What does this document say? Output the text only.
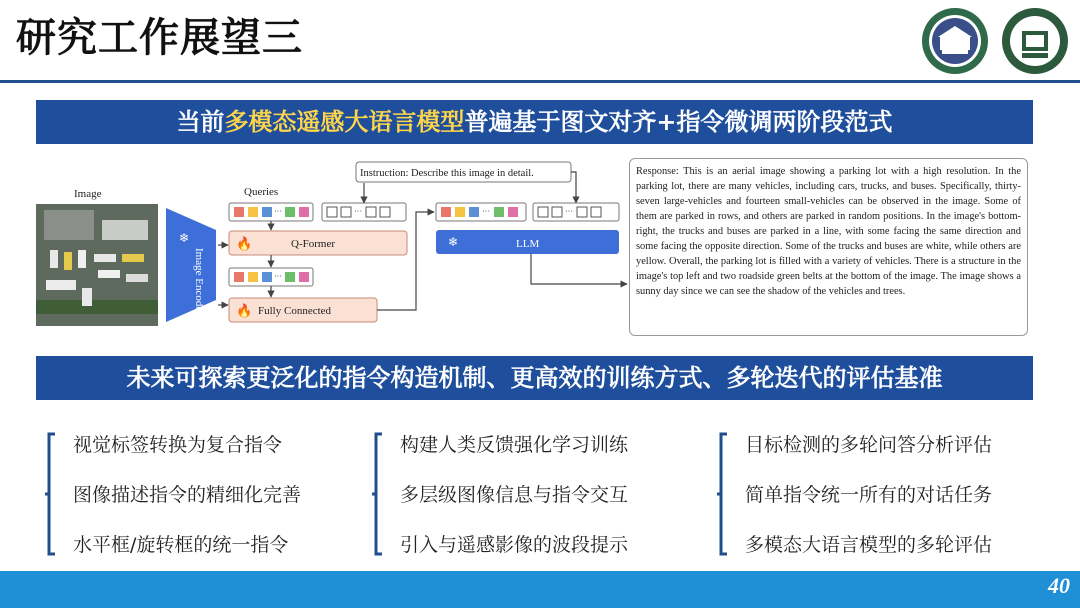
研究工作展望三
当前多模态遥感大语言模型普遍基于图文对齐+指令微调两阶段范式
Image
❄
Image Encoder
Queries
···	···
Instruction: Describe this image in detail.
🔥	Q-Former
···
🔥 Fully Connected
···	···
❄	LLM
Response: This is an aerial image showing a parking lot with a high resolution. In the parking lot, there are many vehicles, including cars, trucks, and buses. Specifically, thirty-seven large-vehicles and fourteen small-vehicles can be observed in the image. Some of them are parked in rows, and others are parked in random positions. In the image's bottom-right, the trucks and buses are parked in a line, with some facing the same direction and some facing the opposite direction. Some of the trucks and buses are white, while others are yellow. Overall, the parking lot is filled with a variety of vehicles. There is a structure in the image's top left and two roadside green belts at the bottom of the image. The image shows a sunny day since we can see the shadow of the vehicles and trees.
未来可探索更泛化的指令构造机制、更高效的训练方式、多轮迭代的评估基准
视觉标签转换为复合指令
图像描述指令的精细化完善
水平框/旋转框的统一指令
构建人类反馈强化学习训练
多层级图像信息与指令交互
引入与遥感影像的波段提示
目标检测的多轮问答分析评估
简单指令统一所有的对话任务
多模态大语言模型的多轮评估
40
